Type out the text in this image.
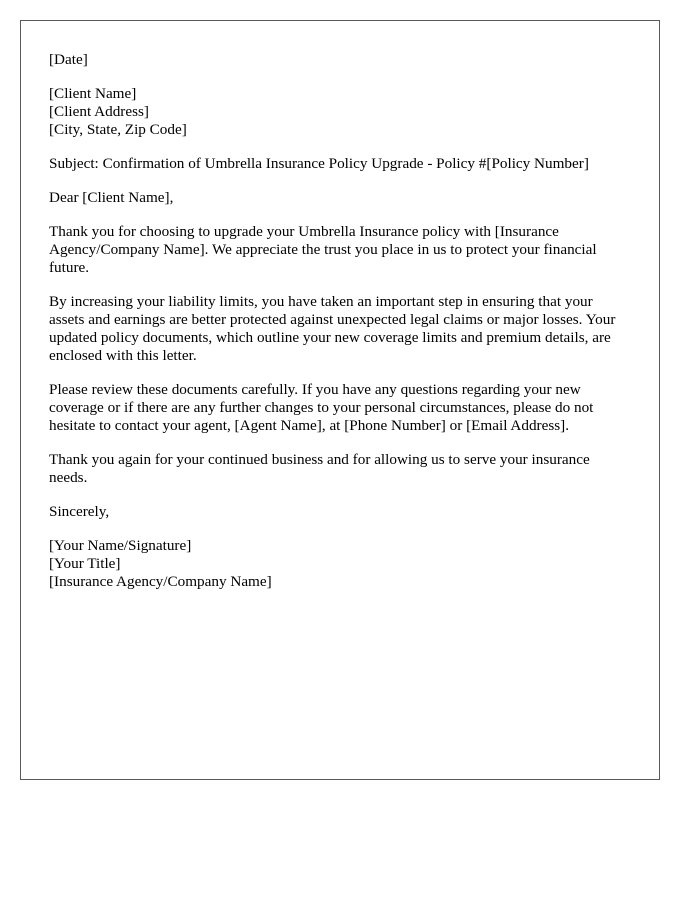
[Date]
[Client Name]
[Client Address]
[City, State, Zip Code]
Subject: Confirmation of Umbrella Insurance Policy Upgrade - Policy #[Policy Number]
Dear [Client Name],

Thank you for choosing to upgrade your Umbrella Insurance policy with [Insurance Agency/Company Name]. We appreciate the trust you place in us to protect your financial future.

By increasing your liability limits, you have taken an important step in ensuring that your assets and earnings are better protected against unexpected legal claims or major losses. Your updated policy documents, which outline your new coverage limits and premium details, are enclosed with this letter.

Please review these documents carefully. If you have any questions regarding your new coverage or if there are any further changes to your personal circumstances, please do not hesitate to contact your agent, [Agent Name], at [Phone Number] or [Email Address].

Thank you again for your continued business and for allowing us to serve your insurance needs.

Sincerely,
[Your Name/Signature]
[Your Title]
[Insurance Agency/Company Name]
